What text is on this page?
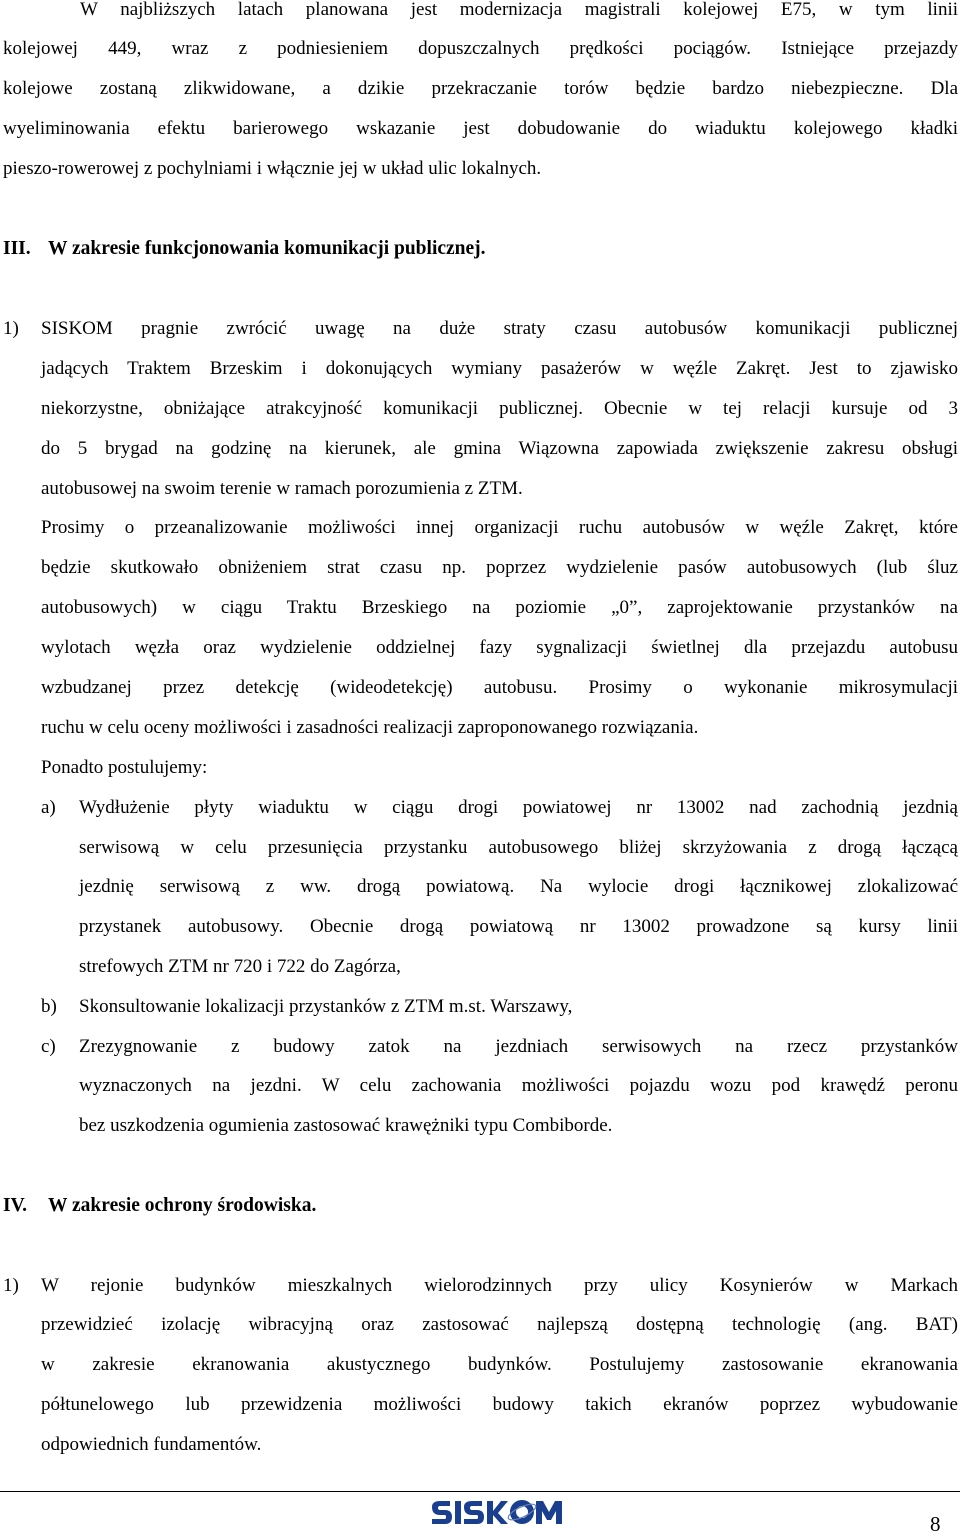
W najbliższych latach planowana jest modernizacja magistrali kolejowej E75, w tym linii
kolejowej 449, wraz z podniesieniem dopuszczalnych prędkości pociągów. Istniejące przejazdy
kolejowe zostaną zlikwidowane, a dzikie przekraczanie torów będzie bardzo niebezpieczne. Dla
wyeliminowania efektu barierowego wskazanie jest dobudowanie do wiaduktu kolejowego kładki
pieszo-rowerowej z pochylniami i włącznie jej w układ ulic lokalnych.
III. W zakresie funkcjonowania komunikacji publicznej.
1) SISKOM pragnie zwrócić uwagę na duże straty czasu autobusów komunikacji publicznej
jadących Traktem Brzeskim i dokonujących wymiany pasażerów w węźle Zakręt. Jest to zjawisko
niekorzystne, obniżające atrakcyjność komunikacji publicznej. Obecnie w tej relacji kursuje od 3
do 5 brygad na godzinę na kierunek, ale gmina Wiązowna zapowiada zwiększenie zakresu obsługi
autobusowej na swoim terenie w ramach porozumienia z ZTM.
Prosimy o przeanalizowanie możliwości innej organizacji ruchu autobusów w węźle Zakręt, które
będzie skutkowało obniżeniem strat czasu np. poprzez wydzielenie pasów autobusowych (lub śluz
autobusowych) w ciągu Traktu Brzeskiego na poziomie „0”, zaprojektowanie przystanków na
wylotach węzła oraz wydzielenie oddzielnej fazy sygnalizacji świetlnej dla przejazdu autobusu
wzbudzanej przez detekcję (wideodetekcję) autobusu. Prosimy o wykonanie mikrosymulacji
ruchu w celu oceny możliwości i zasadności realizacji zaproponowanego rozwiązania.
Ponadto postulujemy:
a) Wydłużenie płyty wiaduktu w ciągu drogi powiatowej nr 13002 nad zachodnią jezdnią
serwisową w celu przesunięcia przystanku autobusowego bliżej skrzyżowania z drogą łączącą
jezdnię serwisową z ww. drogą powiatową. Na wylocie drogi łącznikowej zlokalizować
przystanek autobusowy. Obecnie drogą powiatową nr 13002 prowadzone są kursy linii
strefowych ZTM nr 720 i 722 do Zagórza,
b) Skonsultowanie lokalizacji przystanków z ZTM m.st. Warszawy,
c) Zrezygnowanie z budowy zatok na jezdniach serwisowych na rzecz przystanków
wyznaczonych na jezdni. W celu zachowania możliwości pojazdu wozu pod krawędź peronu
bez uszkodzenia ogumienia zastosować krawężniki typu Combiborde.
IV. W zakresie ochrony środowiska.
1) W rejonie budynków mieszkalnych wielorodzinnych przy ulicy Kosynierów w Markach
przewidzieć izolację wibracyjną oraz zastosować najlepszą dostępną technologię (ang. BAT)
w zakresie ekranowania akustycznego budynków. Postulujemy zastosowanie ekranowania
półtunelowego lub przewidzenia możliwości budowy takich ekranów poprzez wybudowanie
odpowiednich fundamentów.
8
